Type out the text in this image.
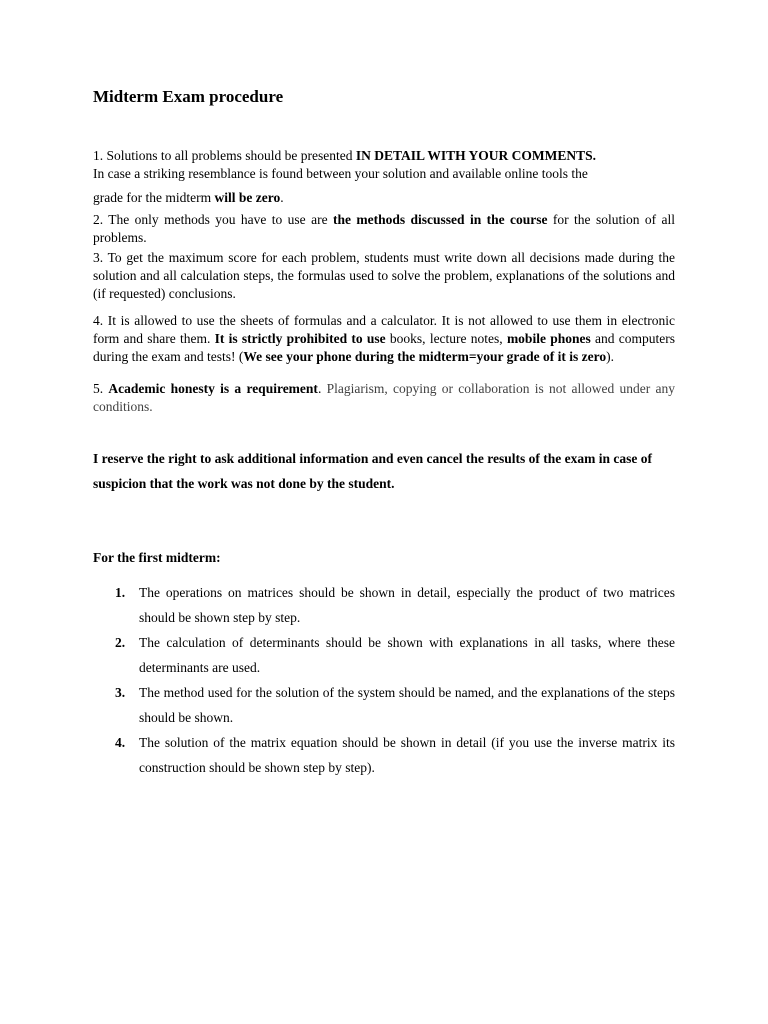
Midterm Exam procedure

1. Solutions to all problems should be presented IN DETAIL WITH YOUR COMMENTS.
In case a striking resemblance is found between your solution and available online tools the
grade for the midterm will be zero.

2. The only methods you have to use are the methods discussed in the course for the solution of all problems.

3. To get the maximum score for each problem, students must write down all decisions made during the solution and all calculation steps, the formulas used to solve the problem, explanations of the solutions and (if requested) conclusions.

4. It is allowed to use the sheets of formulas and a calculator. It is not allowed to use them in electronic form and share them. It is strictly prohibited to use books, lecture notes, mobile phones and computers during the exam and tests! (We see your phone during the midterm=your grade of it is zero).

5. Academic honesty is a requirement. Plagiarism, copying or collaboration is not allowed under any conditions.

I reserve the right to ask additional information and even cancel the results of the exam in case of suspicion that the work was not done by the student.

For the first midterm:

1. The operations on matrices should be shown in detail, especially the product of two matrices should be shown step by step.
2. The calculation of determinants should be shown with explanations in all tasks, where these determinants are used.
3. The method used for the solution of the system should be named, and the explanations of the steps should be shown.
4. The solution of the matrix equation should be shown in detail (if you use the inverse matrix its construction should be shown step by step).
